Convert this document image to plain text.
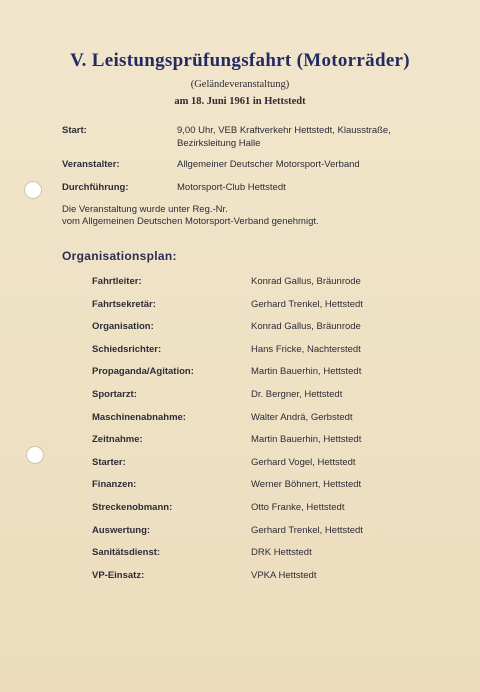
V. Leistungsprüfungsfahrt (Motorräder)
(Geländeveranstaltung)
am 18. Juni 1961 in Hettstedt
Start:	9,00 Uhr, VEB Kraftverkehr Hettstedt, Klausstraße,
Bezirksleitung Halle
Veranstalter:	Allgemeiner Deutscher Motorsport-Verband
Durchführung:	Motorsport-Club Hettstedt
Die Veranstaltung wurde unter Reg.-Nr.
vom Allgemeinen Deutschen Motorsport-Verband genehmigt.
Organisationsplan:
Fahrtleiter:	Konrad Gallus, Bräunrode
Fahrtsekretär:	Gerhard Trenkel, Hettstedt
Organisation:	Konrad Gallus, Bräunrode
Schiedsrichter:	Hans Fricke, Nachterstedt
Propaganda/Agitation:	Martin Bauerhin, Hettstedt
Sportarzt:	Dr. Bergner, Hettstedt
Maschinenabnahme:	Walter Andrä, Gerbstedt
Zeitnahme:	Martin Bauerhin, Hettstedt
Starter:	Gerhard Vogel, Hettstedt
Finanzen:	Werner Böhnert, Hettstedt
Streckenobmann:	Otto Franke, Hettstedt
Auswertung:	Gerhard Trenkel, Hettstedt
Sanitätsdienst:	DRK Hettstedt
VP-Einsatz:	VPKA Hettstedt
